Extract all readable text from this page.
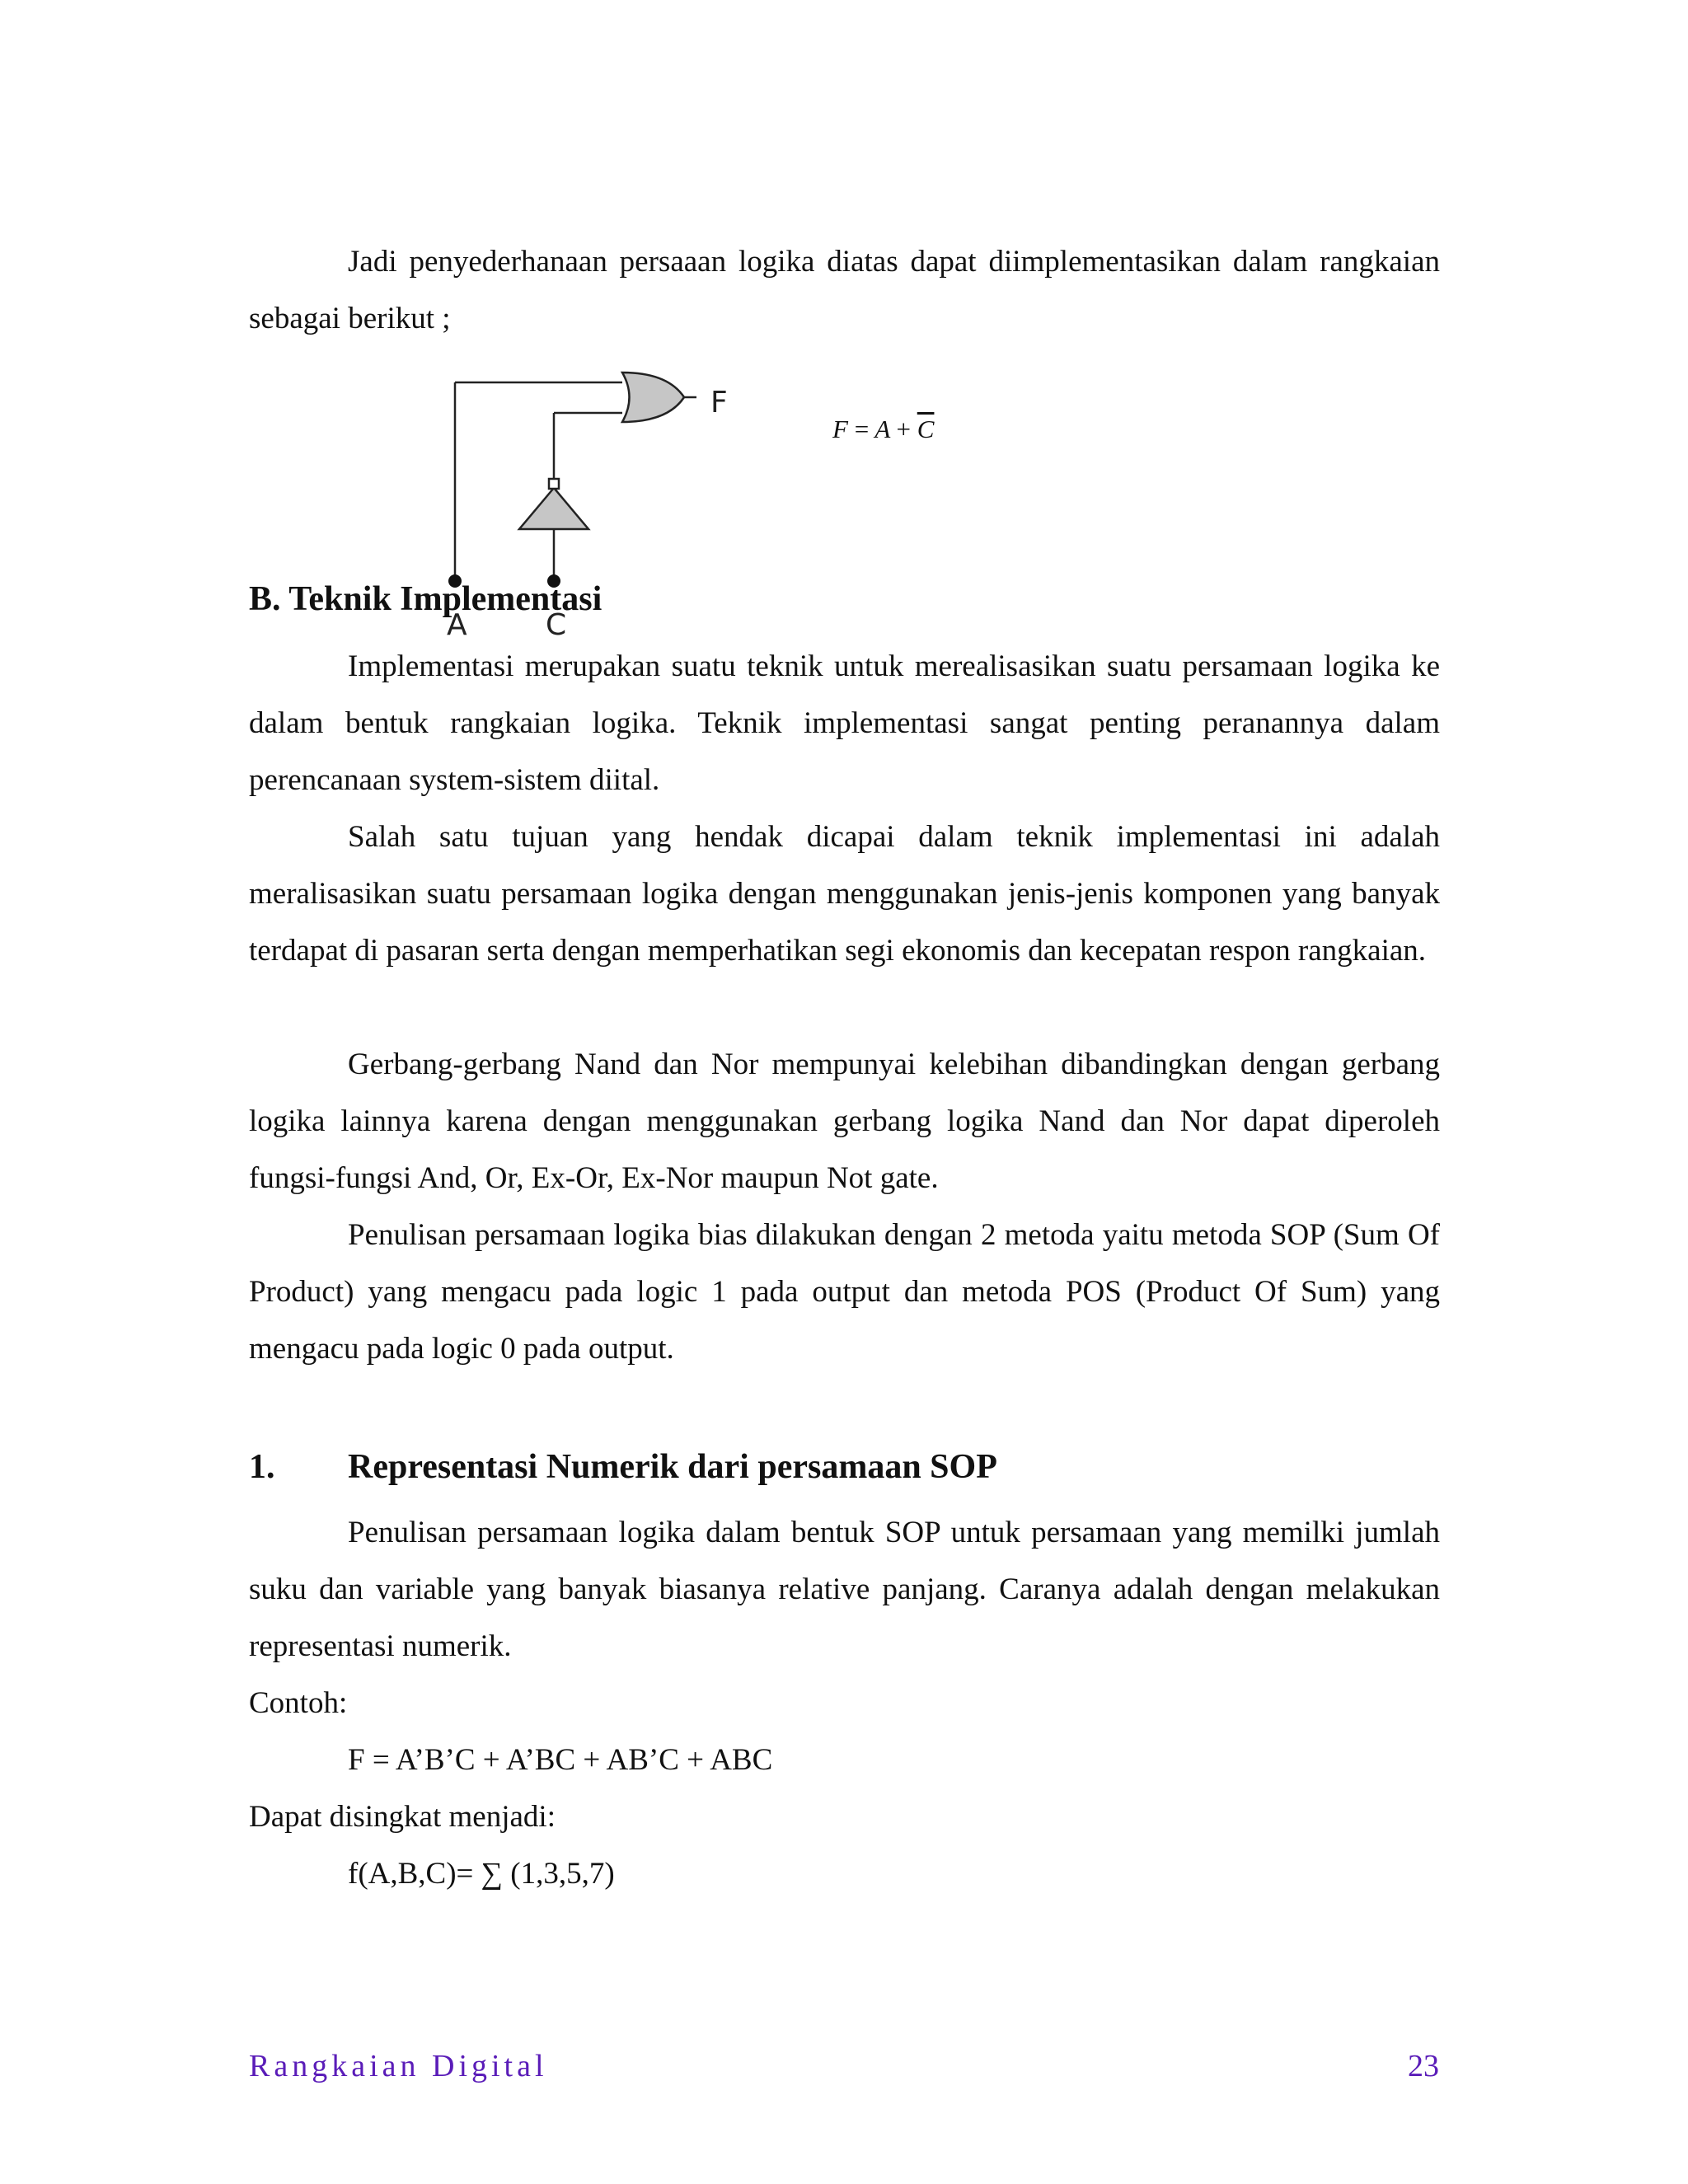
Jadi penyederhanaan persaaan logika diatas dapat diimplementasikan dalam rangkaian sebagai berikut ;

F
A	C
$F = A + \overline{C}$
B. Teknik Implementasi

Implementasi merupakan suatu teknik untuk merealisasikan suatu persamaan logika ke dalam bentuk rangkaian logika. Teknik implementasi sangat penting peranannya dalam perencanaan system-sistem diital.

Salah satu tujuan yang hendak dicapai dalam teknik implementasi ini adalah meralisasikan suatu persamaan logika dengan menggunakan jenis-jenis komponen yang banyak terdapat di pasaran serta dengan memperhatikan segi ekonomis dan kecepatan respon rangkaian.

Gerbang-gerbang Nand dan Nor mempunyai kelebihan dibandingkan dengan gerbang logika lainnya karena dengan menggunakan gerbang logika Nand dan Nor dapat diperoleh fungsi-fungsi And, Or, Ex-Or, Ex-Nor maupun Not gate.

Penulisan persamaan logika bias dilakukan dengan 2 metoda yaitu metoda SOP (Sum Of Product) yang mengacu pada logic 1 pada output dan metoda POS (Product Of Sum) yang mengacu pada logic 0 pada output.

1. Representasi Numerik dari persamaan SOP

Penulisan persamaan logika dalam bentuk SOP untuk persamaan yang memilki jumlah suku dan variable yang banyak biasanya relative panjang. Caranya adalah dengan melakukan representasi numerik.

Contoh:
F = A’B’C + A’BC + AB’C + ABC
Dapat disingkat menjadi:
f(A,B,C)= ∑ (1,3,5,7)
Rangkaian Digital	23
